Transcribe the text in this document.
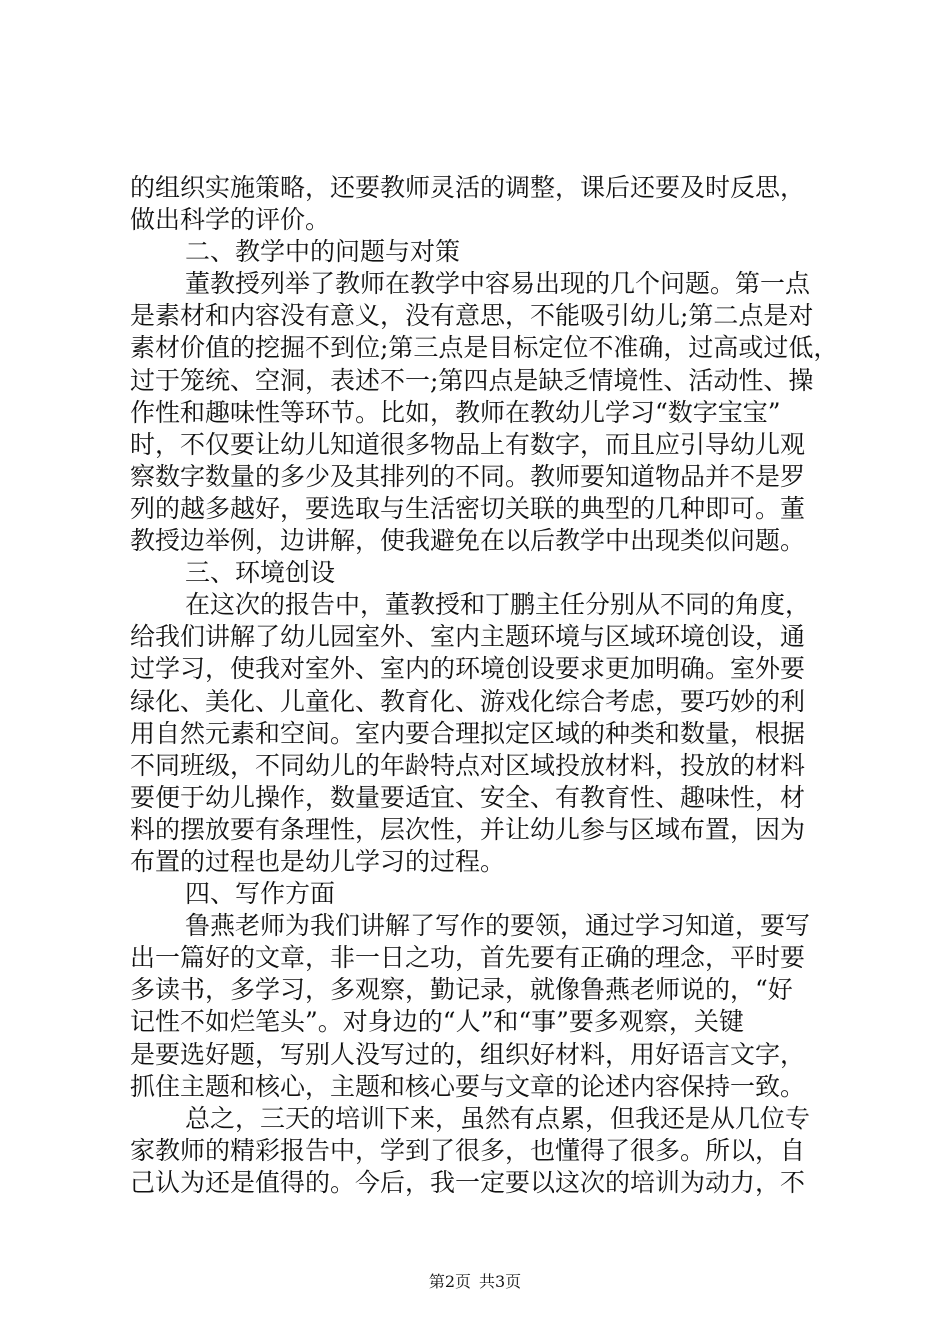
的组织实施策略，还要教师灵活的调整，课后还要及时反思，
做出科学的评价。
二、教学中的问题与对策
董教授列举了教师在教学中容易出现的几个问题。第一点
是素材和内容没有意义，没有意思，不能吸引幼儿;第二点是对
素材价值的挖掘不到位;第三点是目标定位不准确，过高或过低，
过于笼统、空洞，表述不一;第四点是缺乏情境性、活动性、操
作性和趣味性等环节。比如，教师在教幼儿学习“数字宝宝”
时，不仅要让幼儿知道很多物品上有数字，而且应引导幼儿观
察数字数量的多少及其排列的不同。教师要知道物品并不是罗
列的越多越好，要选取与生活密切关联的典型的几种即可。董
教授边举例，边讲解，使我避免在以后教学中出现类似问题。
三、环境创设
在这次的报告中，董教授和丁鹏主任分别从不同的角度，
给我们讲解了幼儿园室外、室内主题环境与区域环境创设，通
过学习，使我对室外、室内的环境创设要求更加明确。室外要
绿化、美化、儿童化、教育化、游戏化综合考虑，要巧妙的利
用自然元素和空间。室内要合理拟定区域的种类和数量，根据
不同班级，不同幼儿的年龄特点对区域投放材料，投放的材料
要便于幼儿操作，数量要适宜、安全、有教育性、趣味性，材
料的摆放要有条理性，层次性，并让幼儿参与区域布置，因为
布置的过程也是幼儿学习的过程。
四、写作方面
鲁燕老师为我们讲解了写作的要领，通过学习知道，要写
出一篇好的文章，非一日之功，首先要有正确的理念，平时要
多读书，多学习，多观察，勤记录，就像鲁燕老师说的，“好
记性不如烂笔头”。对身边的“人”和“事”要多观察，关键
是要选好题，写别人没写过的，组织好材料，用好语言文字，
抓住主题和核心，主题和核心要与文章的论述内容保持一致。
总之，三天的培训下来，虽然有点累，但我还是从几位专
家教师的精彩报告中，学到了很多，也懂得了很多。所以，自
己认为还是值得的。今后，我一定要以这次的培训为动力，不
第2页 共3页
